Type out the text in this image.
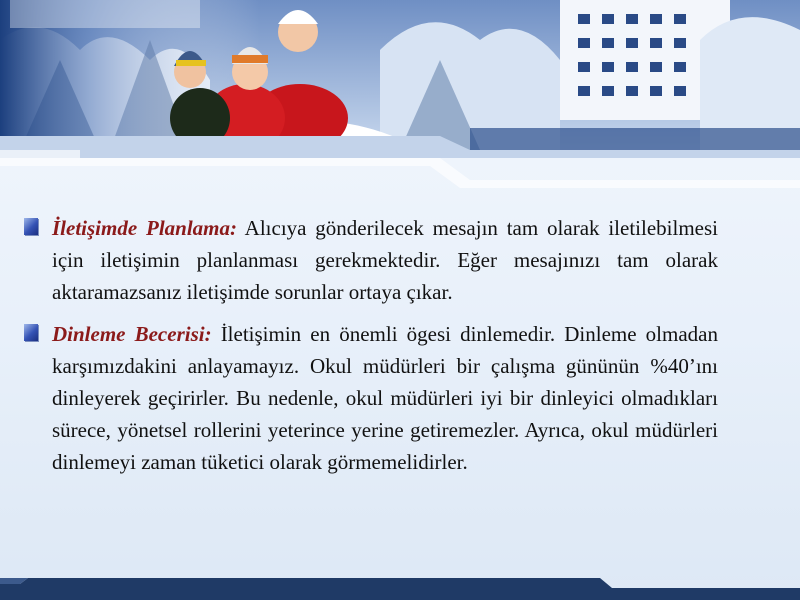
İletişimde Planlama: Alıcıya gönderilecek mesajın tam olarak iletilebilmesi için iletişimin planlanması gerekmektedir. Eğer mesajınızı tam olarak aktaramazsanız iletişimde sorunlar ortaya çıkar.
Dinleme Becerisi: İletişimin en önemli ögesi dinlemedir. Dinleme olmadan karşımızdakini anlayamayız. Okul müdürleri bir çalışma gününün %40’ını dinleyerek geçirirler. Bu nedenle, okul müdürleri iyi bir dinleyici olmadıkları sürece, yönetsel rollerini yeterince yerine getiremezler. Ayrıca, okul müdürleri dinlemeyi zaman tüketici olarak görmemelidirler.
